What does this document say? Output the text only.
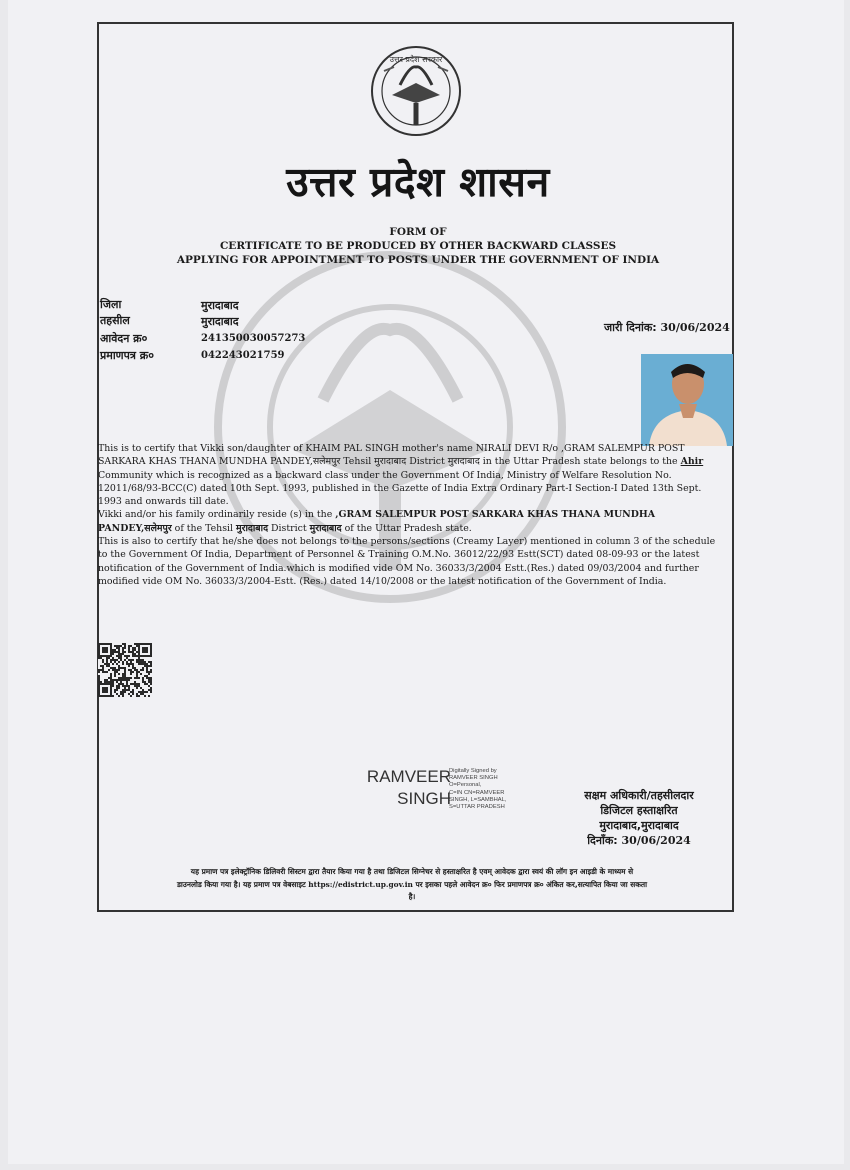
उत्तर प्रदेश सरकार
उत्तर प्रदेश शासन
FORM OF
CERTIFICATE TO BE PRODUCED BY OTHER BACKWARD CLASSES
APPLYING FOR APPOINTMENT TO POSTS UNDER THE GOVERNMENT OF INDIA
जिला	मुरादाबाद
तहसील	मुरादाबाद
आवेदन क्र०	241350030057273
प्रमाणपत्र क्र०	042243021759
जारी दिनांक: 30/06/2024

This is to certify that Vikki son/daughter of KHAIM PAL SINGH mother's name NIRALI DEVI R/o ,GRAM SALEMPUR POST SARKARA KHAS THANA MUNDHA PANDEY,सलेमपुर Tehsil मुरादाबाद District मुरादाबाद in the Uttar Pradesh state belongs to the Ahir Community which is recognized as a backward class under the Government Of India, Ministry of Welfare Resolution No. 12011/68/93-BCC(C) dated 10th Sept. 1993, published in the Gazette of India Extra Ordinary Part-I Section-I Dated 13th Sept. 1993 and onwards till date.

Vikki and/or his family ordinarily reside (s) in the ,GRAM SALEMPUR POST SARKARA KHAS THANA MUNDHA PANDEY,सलेमपुर of the Tehsil मुरादाबाद District मुरादाबाद of the Uttar Pradesh state.

This is also to certify that he/she does not belongs to the persons/sections (Creamy Layer) mentioned in column 3 of the schedule to the Government Of India, Department of Personnel & Training O.M.No. 36012/22/93 Estt(SCT) dated 08-09-93 or the latest notification of the Government of India.which is modified vide OM No. 36033/3/2004 Estt.(Res.) dated 09/03/2004 and further modified vide OM No. 36033/3/2004-Estt. (Res.) dated 14/10/2008 or the latest notification of the Government of India.

RAMVEER
SINGH
Digitally Signed by
RAMVEER SINGH
O=Personal,
C=IN CN=RAMVEER
SINGH, L=SAMBHAL,
S=UTTAR PRADESH
सक्षम अधिकारी/तहसीलदार
डिजिटल हस्ताक्षरित
मुरादाबाद,मुरादाबाद
दिनाँक: 30/06/2024
यह प्रमाण पत्र इलेक्ट्रॉनिक डिलिवरी सिस्टम द्वारा तैयार किया गया है तथा डिजिटल सिग्नेचर से हस्ताक्षरित है एवम् आवेदक द्वारा स्वयं की लॉग इन आइडी के माध्यम से
डाउनलोड किया गया है। यह प्रमाण पत्र वेबसाइट https://edistrict.up.gov.in पर इसका पहले आवेदन क्र० फिर प्रमाणपत्र क्र० अंकित कर,सत्यापित किया जा सकता
है।
